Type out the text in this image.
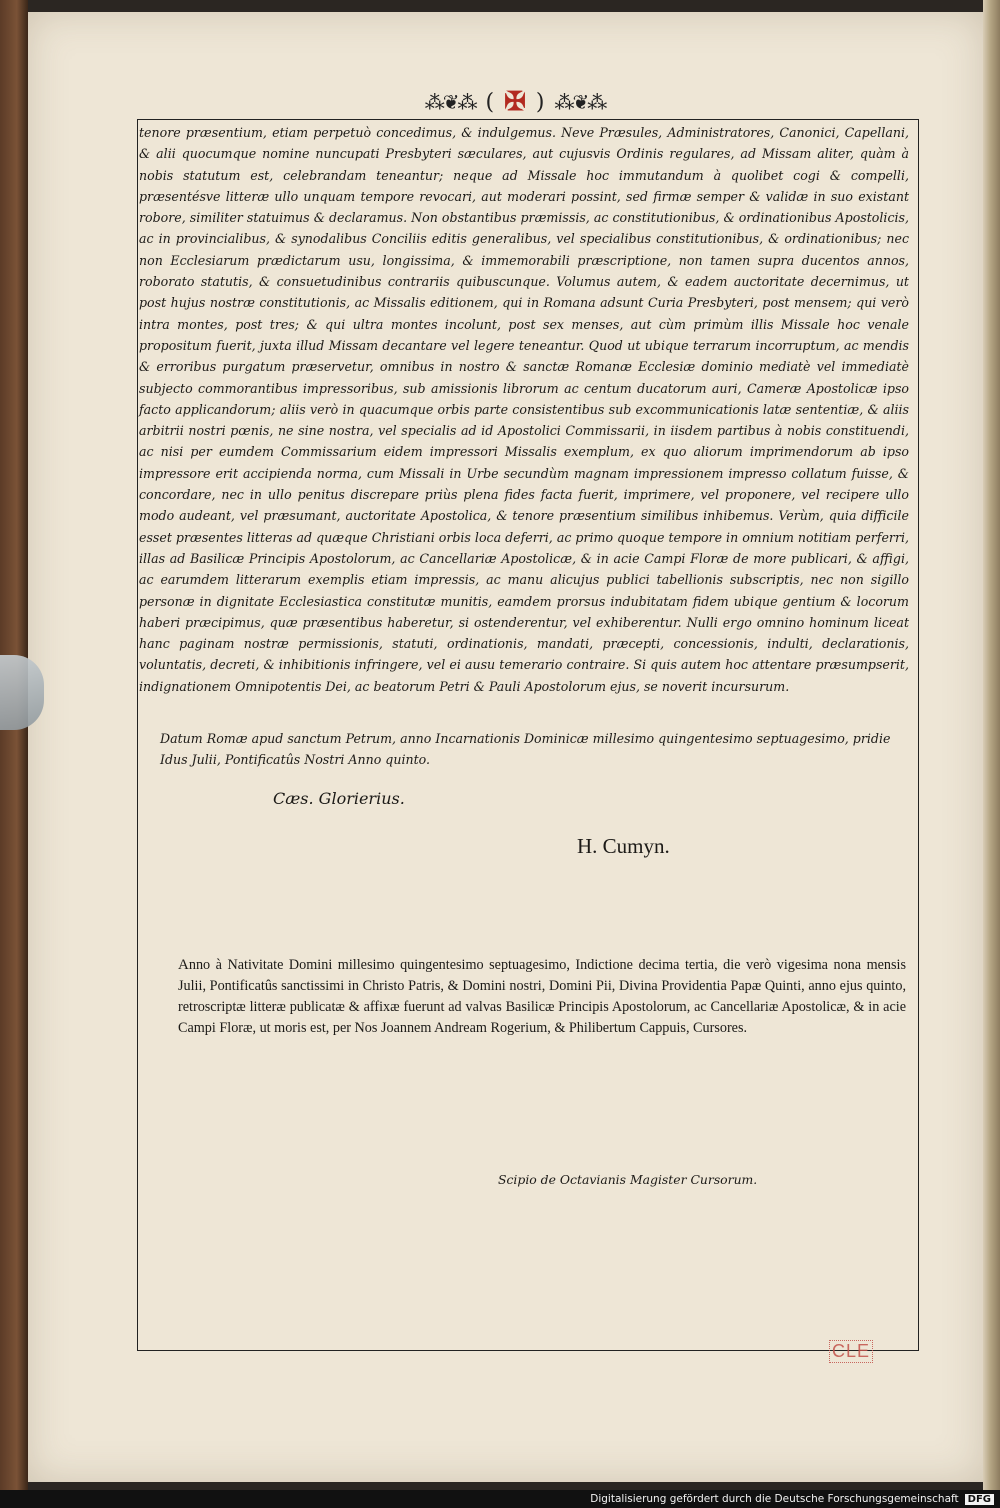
⁂❦⁂ ( ✠ ) ⁂❦⁂
tenore præsentium, etiam perpetuò concedimus, & indulgemus. Neve Præsules, Administratores, Canonici, Capellani, & alii quocumque nomine nuncupati Presbyteri sæculares, aut cujusvis Ordinis regulares, ad Missam aliter, quàm à nobis statutum est, celebrandam teneantur; neque ad Missale hoc immutandum à quolibet cogi & compelli, præsentésve litteræ ullo unquam tempore revocari, aut moderari possint, sed firmæ semper & validæ in suo existant robore, similiter statuimus & declaramus. Non obstantibus præmissis, ac constitutionibus, & ordinationibus Apostolicis, ac in provincialibus, & synodalibus Conciliis editis generalibus, vel specialibus constitutionibus, & ordinationibus; nec non Ecclesiarum prædictarum usu, longissima, & immemorabili præscriptione, non tamen supra ducentos annos, roborato statutis, & consuetudinibus contrariis quibuscunque. Volumus autem, & eadem auctoritate decernimus, ut post hujus nostræ constitutionis, ac Missalis editionem, qui in Romana adsunt Curia Presbyteri, post mensem; qui verò intra montes, post tres; & qui ultra montes incolunt, post sex menses, aut cùm primùm illis Missale hoc venale propositum fuerit, juxta illud Missam decantare vel legere teneantur. Quod ut ubique terrarum incorruptum, ac mendis & erroribus purgatum præservetur, omnibus in nostro & sanctæ Romanæ Ecclesiæ dominio mediatè vel immediatè subjecto commorantibus impressoribus, sub amissionis librorum ac centum ducatorum auri, Cameræ Apostolicæ ipso facto applicandorum; aliis verò in quacumque orbis parte consistentibus sub excommunicationis latæ sententiæ, & aliis arbitrii nostri pœnis, ne sine nostra, vel specialis ad id Apostolici Commissarii, in iisdem partibus à nobis constituendi, ac nisi per eumdem Commissarium eidem impressori Missalis exemplum, ex quo aliorum imprimendorum ab ipso impressore erit accipienda norma, cum Missali in Urbe secundùm magnam impressionem impresso collatum fuisse, & concordare, nec in ullo penitus discrepare priùs plena fides facta fuerit, imprimere, vel proponere, vel recipere ullo modo audeant, vel præsumant, auctoritate Apostolica, & tenore præsentium similibus inhibemus. Verùm, quia difficile esset præsentes litteras ad quæque Christiani orbis loca deferri, ac primo quoque tempore in omnium notitiam perferri, illas ad Basilicæ Principis Apostolorum, ac Cancellariæ Apostolicæ, & in acie Campi Floræ de more publicari, & affigi, ac earumdem litterarum exemplis etiam impressis, ac manu alicujus publici tabellionis subscriptis, nec non sigillo personæ in dignitate Ecclesiastica constitutæ munitis, eamdem prorsus indubitatam fidem ubique gentium & locorum haberi præcipimus, quæ præsentibus haberetur, si ostenderentur, vel exhiberentur. Nulli ergo omnino hominum liceat hanc paginam nostræ permissionis, statuti, ordinationis, mandati, præcepti, concessionis, indulti, declarationis, voluntatis, decreti, & inhibitionis infringere, vel ei ausu temerario contraire. Si quis autem hoc attentare præsumpserit, indignationem Omnipotentis Dei, ac beatorum Petri & Pauli Apostolorum ejus, se noverit incursurum.
Datum Romæ apud sanctum Petrum, anno Incarnationis Dominicæ millesimo quingentesimo septuagesimo, pridie Idus Julii, Pontificatûs Nostri Anno quinto.
Cæs. Glorierius.
H. Cumyn.
Anno à Nativitate Domini millesimo quingentesimo septuagesimo, Indictione decima tertia, die verò vigesima nona mensis Julii, Pontificatûs sanctissimi in Christo Patris, & Domini nostri, Domini Pii, Divina Providentia Papæ Quinti, anno ejus quinto, retroscriptæ litteræ publicatæ & affixæ fuerunt ad valvas Basilicæ Principis Apostolorum, ac Cancellariæ Apostolicæ, & in acie Campi Floræ, ut moris est, per Nos Joannem Andream Rogerium, & Philibertum Cappuis, Cursores.
Scipio de Octavianis Magister Cursorum.
CLE
Digitalisierung gefördert durch die Deutsche Forschungsgemeinschaft DFG
